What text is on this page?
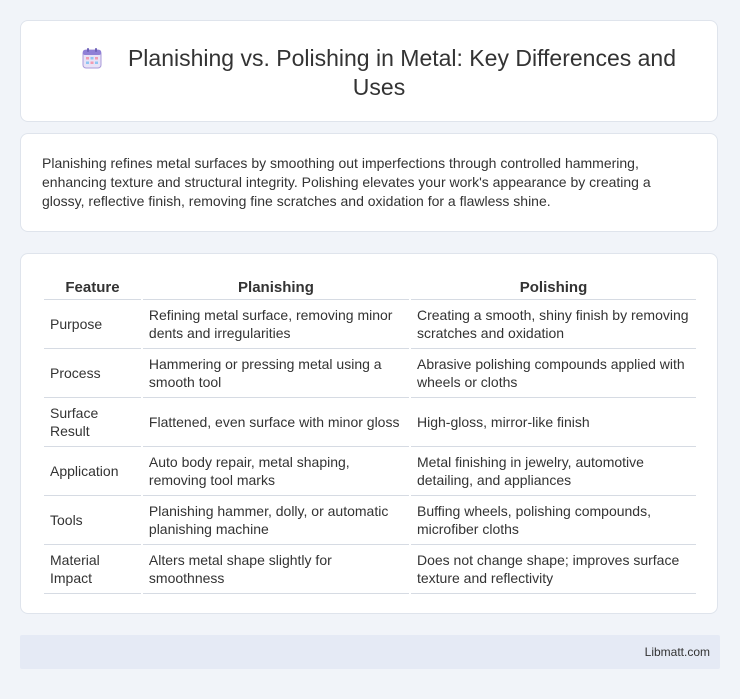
Planishing vs. Polishing in Metal: Key Differences and Uses
Planishing refines metal surfaces by smoothing out imperfections through controlled hammering, enhancing texture and structural integrity. Polishing elevates your work's appearance by creating a glossy, reflective finish, removing fine scratches and oxidation for a flawless shine.
Feature	Planishing	Polishing
Purpose	Refining metal surface, removing minor dents and irregularities	Creating a smooth, shiny finish by removing scratches and oxidation
Process	Hammering or pressing metal using a smooth tool	Abrasive polishing compounds applied with wheels or cloths
Surface Result	Flattened, even surface with minor gloss	High-gloss, mirror-like finish
Application	Auto body repair, metal shaping, removing tool marks	Metal finishing in jewelry, automotive detailing, and appliances
Tools	Planishing hammer, dolly, or automatic planishing machine	Buffing wheels, polishing compounds, microfiber cloths
Material Impact	Alters metal shape slightly for smoothness	Does not change shape; improves surface texture and reflectivity
Libmatt.com
